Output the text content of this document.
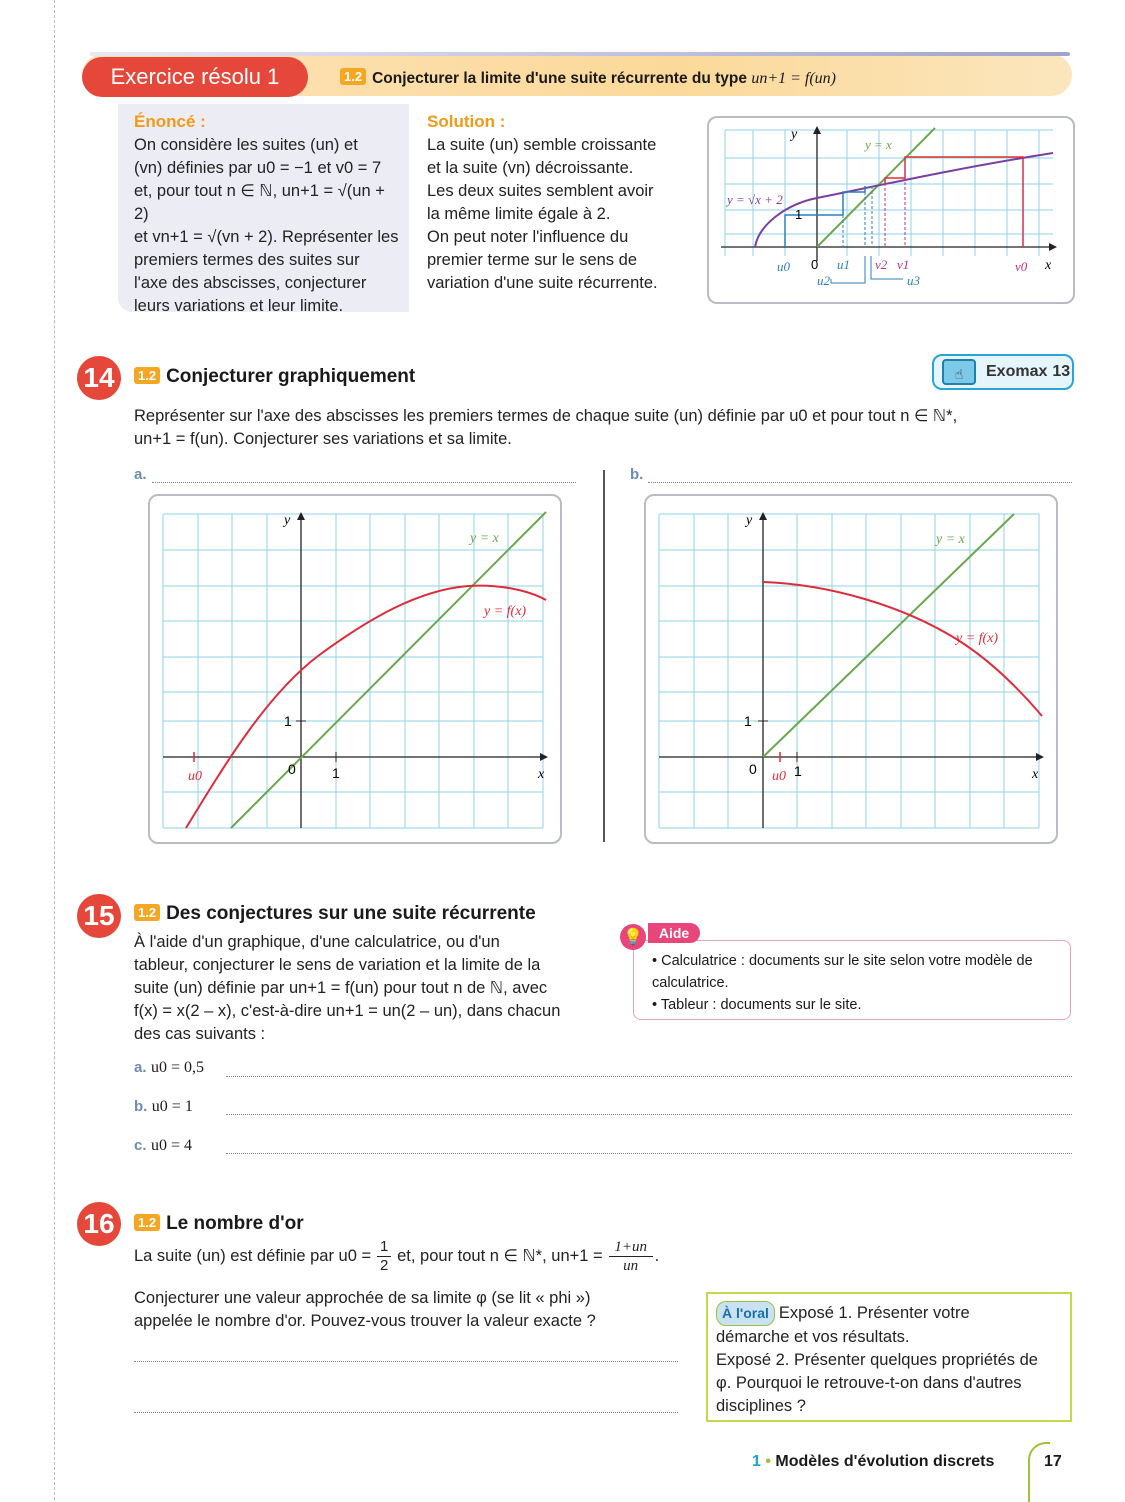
Exercice résolu 1	1.2 Conjecturer la limite d'une suite récurrente du type un+1 = f(un)
Énoncé :
On considère les suites (un) et
(vn) définies par u0 = −1 et v0 = 7
et, pour tout n ∈ ℕ, un+1 = √(un + 2)
et vn+1 = √(vn + 2). Représenter les
premiers termes des suites sur
l'axe des abscisses, conjecturer
leurs variations et leur limite.
Solution :
La suite (un) semble croissante
et la suite (vn) décroissante.
Les deux suites semblent avoir
la même limite égale à 2.
On peut noter l'influence du
premier terme sur le sens de
variation d'une suite récurrente.
y
x
y = x
y = √x + 2
1
0
u0	u1
u2	u3
v2 v1	v0
14	1.2 Conjecturer graphiquement	☝	Exomax 13
Représenter sur l'axe des abscisses les premiers termes de chaque suite (un) définie par u0 et pour tout n ∈ ℕ*,
un+1 = f(un). Conjecturer ses variations et sa limite.
a.	b.
y
x
y = x
y = f(x)
1
1
0
u0
y
x
y = x
y = f(x)
1
1
0 u0
15	1.2 Des conjectures sur une suite récurrente
À l'aide d'un graphique, d'une calculatrice, ou d'un
tableur, conjecturer le sens de variation et la limite de la
suite (un) définie par un+1 = f(un) pour tout n de ℕ, avec
f(x) = x(2 – x), c'est-à-dire un+1 = un(2 – un), dans chacun
des cas suivants :
💡 Aide
• Calculatrice : documents sur le site selon votre modèle de
calculatrice.
• Tableur : documents sur le site.
a. u0 = 0,5
b. u0 = 1
c. u0 = 4
16	1.2 Le nombre d'or
La suite (un) est définie par u0 =
1
2
et, pour tout n ∈ ℕ*, un+1 = 1+un
un
.
Conjecturer une valeur approchée de sa limite φ (se lit « phi »)
appelée le nombre d'or. Pouvez-vous trouver la valeur exacte ?	À l'oral Exposé 1. Présenter votre
démarche et vos résultats.
Exposé 2. Présenter quelques propriétés de
φ. Pourquoi le retrouve-t-on dans d'autres
disciplines ?
1 • Modèles d'évolution discrets	17
